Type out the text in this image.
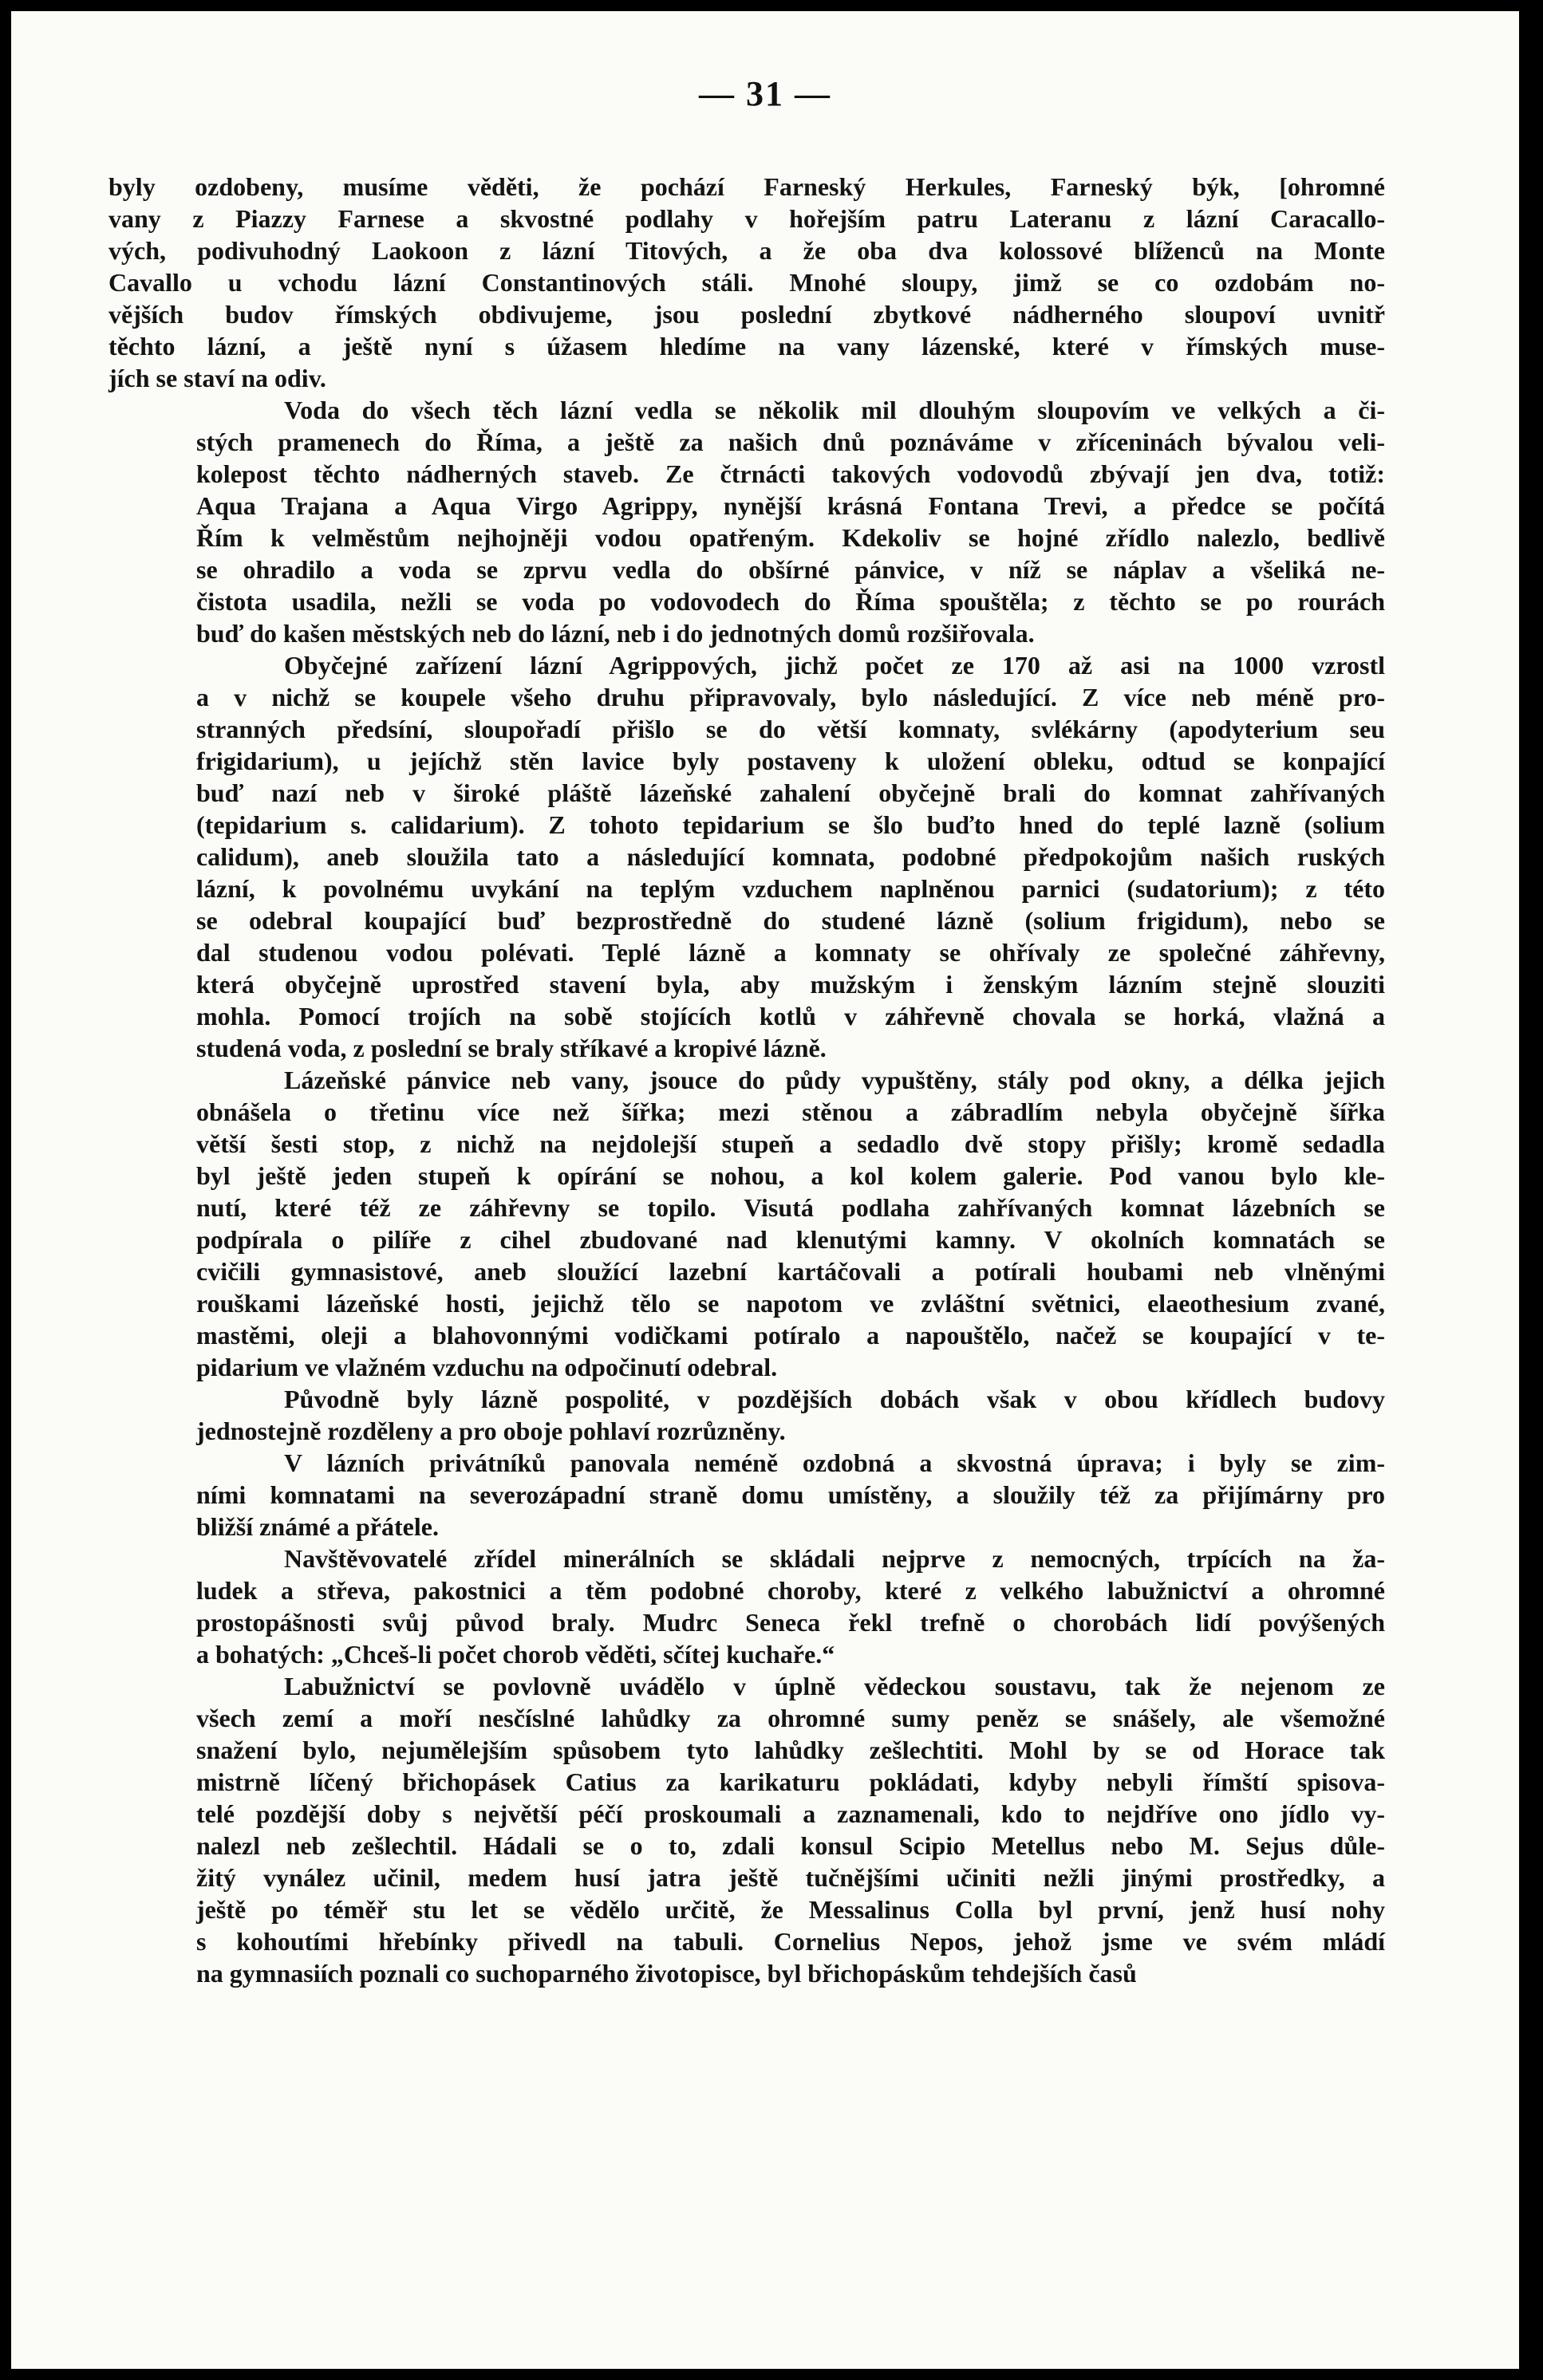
— 31 —
byly ozdobeny, musíme věděti, že pochází Farneský Herkules, Farneský býk, [ohromné
vany z Piazzy Farnese a skvostné podlahy v hořejším patru Lateranu z lázní Caracallo-
vých, podivuhodný Laokoon z lázní Titových, a že oba dva kolossové blíženců na Monte
Cavallo u vchodu lázní Constantinových stáli. Mnohé sloupy, jimž se co ozdobám no-
vějších budov římských obdivujeme, jsou poslední zbytkové nádherného sloupoví uvnitř
těchto lázní, a ještě nyní s úžasem hledíme na vany lázenské, které v římských muse-
jích se staví na odiv.
Voda do všech těch lázní vedla se několik mil dlouhým sloupovím ve velkých a či-
stých pramenech do Říma, a ještě za našich dnů poznáváme v zříceninách bývalou veli-
kolepost těchto nádherných staveb. Ze čtrnácti takových vodovodů zbývají jen dva, totiž:
Aqua Trajana a Aqua Virgo Agrippy, nynější krásná Fontana Trevi, a předce se počítá
Řím k velměstům nejhojněji vodou opatřeným. Kdekoliv se hojné zřídlo nalezlo, bedlivě
se ohradilo a voda se zprvu vedla do obšírné pánvice, v níž se náplav a všeliká ne-
čistota usadila, nežli se voda po vodovodech do Říma spouštěla; z těchto se po rourách
buď do kašen městských neb do lázní, neb i do jednotných domů rozšiřovala.
Obyčejné zařízení lázní Agrippových, jichž počet ze 170 až asi na 1000 vzrostl
a v nichž se koupele všeho druhu připravovaly, bylo následující. Z více neb méně pro-
stranných předsíní, sloupořadí přišlo se do větší komnaty, svlékárny (apodyterium seu
frigidarium), u jejíchž stěn lavice byly postaveny k uložení obleku, odtud se konpající
buď nazí neb v široké pláště lázeňské zahalení obyčejně brali do komnat zahřívaných
(tepidarium s. calidarium). Z tohoto tepidarium se šlo buďto hned do teplé lazně (solium
calidum), aneb sloužila tato a následující komnata, podobné předpokojům našich ruských
lázní, k povolnému uvykání na teplým vzduchem naplněnou parnici (sudatorium); z této
se odebral koupající buď bezprostředně do studené lázně (solium frigidum), nebo se
dal studenou vodou polévati. Teplé lázně a komnaty se ohřívaly ze společné záhřevny,
která obyčejně uprostřed stavení byla, aby mužským i ženským lázním stejně slouziti
mohla. Pomocí trojích na sobě stojících kotlů v záhřevně chovala se horká, vlažná a
studená voda, z poslední se braly stříkavé a kropivé lázně.
Lázeňské pánvice neb vany, jsouce do půdy vypuštěny, stály pod okny, a délka jejich
obnášela o třetinu více než šířka; mezi stěnou a zábradlím nebyla obyčejně šířka
větší šesti stop, z nichž na nejdolejší stupeň a sedadlo dvě stopy přišly; kromě sedadla
byl ještě jeden stupeň k opírání se nohou, a kol kolem galerie. Pod vanou bylo kle-
nutí, které též ze záhřevny se topilo. Visutá podlaha zahřívaných komnat lázebních se
podpírala o pilíře z cihel zbudované nad klenutými kamny. V okolních komnatách se
cvičili gymnasistové, aneb sloužící lazební kartáčovali a potírali houbami neb vlněnými
rouškami lázeňské hosti, jejichž tělo se napotom ve zvláštní světnici, elaeothesium zvané,
mastěmi, oleji a blahovonnými vodičkami potíralo a napouštělo, načež se koupající v te-
pidarium ve vlažném vzduchu na odpočinutí odebral.
Původně byly lázně pospolité, v pozdějších dobách však v obou křídlech budovy
jednostejně rozděleny a pro oboje pohlaví rozrůzněny.
V lázních privátníků panovala neméně ozdobná a skvostná úprava; i byly se zim-
ními komnatami na severozápadní straně domu umístěny, a sloužily též za přijímárny pro
bližší známé a přátele.
Navštěvovatelé zřídel minerálních se skládali nejprve z nemocných, trpících na ža-
ludek a střeva, pakostnici a těm podobné choroby, které z velkého labužnictví a ohromné
prostopášnosti svůj původ braly. Mudrc Seneca řekl trefně o chorobách lidí povýšených
a bohatých: „Chceš-li počet chorob věděti, sčítej kuchaře.“
Labužnictví se povlovně uvádělo v úplně vědeckou soustavu, tak že nejenom ze
všech zemí a moří nesčíslné lahůdky za ohromné sumy peněz se snášely, ale všemožné
snažení bylo, nejumělejším spůsobem tyto lahůdky zešlechtiti. Mohl by se od Horace tak
mistrně líčený břichopásek Catius za karikaturu pokládati, kdyby nebyli římští spisova-
telé pozdější doby s největší péčí proskoumali a zaznamenali, kdo to nejdříve ono jídlo vy-
nalezl neb zešlechtil. Hádali se o to, zdali konsul Scipio Metellus nebo M. Sejus důle-
žitý vynález učinil, medem husí jatra ještě tučnějšími učiniti nežli jinými prostředky, a
ještě po téměř stu let se vědělo určitě, že Messalinus Colla byl první, jenž husí nohy
s kohoutími hřebínky přivedl na tabuli. Cornelius Nepos, jehož jsme ve svém mládí
na gymnasiích poznali co suchoparného životopisce, byl břichopáskům tehdejších časů
